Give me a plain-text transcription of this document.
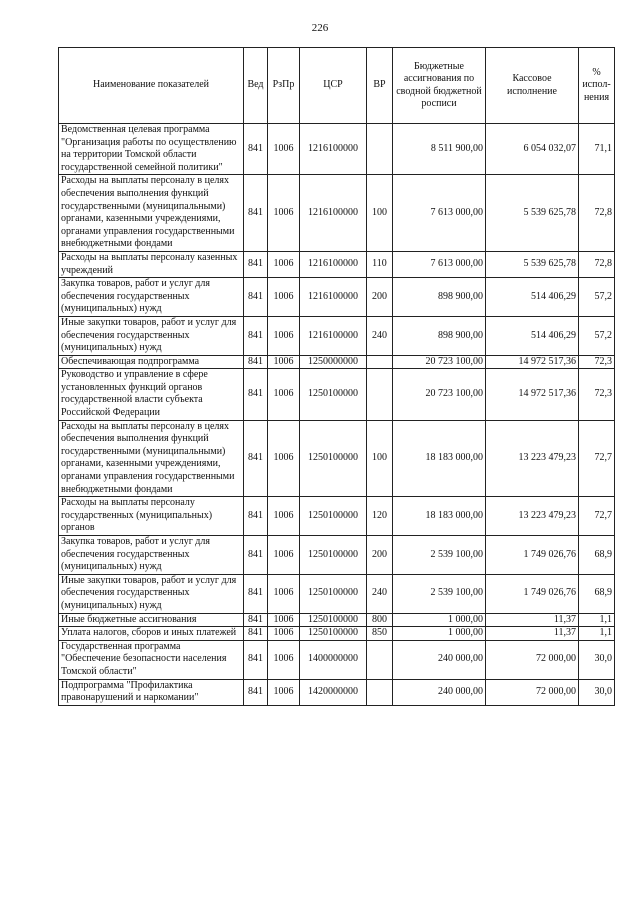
226
Наименование показателей	Вед	РзПр	ЦСР	ВР	Бюджетные ассигнования по сводной бюджетной росписи	Кассовое исполнение	% испол-нения
Ведомственная целевая программа "Организация работы по осуществлению на территории Томской области государственной семейной политики"	841	1006	1216100000		8 511 900,00	6 054 032,07	71,1
Расходы на выплаты персоналу в целях обеспечения выполнения функций государственными (муниципальными) органами, казенными учреждениями, органами управления государственными внебюджетными фондами	841	1006	1216100000	100	7 613 000,00	5 539 625,78	72,8
Расходы на выплаты персоналу казенных учреждений	841	1006	1216100000	110	7 613 000,00	5 539 625,78	72,8
Закупка товаров, работ и услуг для обеспечения государственных (муниципальных) нужд	841	1006	1216100000	200	898 900,00	514 406,29	57,2
Иные закупки товаров, работ и услуг для обеспечения государственных (муниципальных) нужд	841	1006	1216100000	240	898 900,00	514 406,29	57,2
Обеспечивающая подпрограмма	841	1006	1250000000		20 723 100,00	14 972 517,36	72,3
Руководство и управление в сфере установленных функций органов государственной власти субъекта Российской Федерации	841	1006	1250100000		20 723 100,00	14 972 517,36	72,3
Расходы на выплаты персоналу в целях обеспечения выполнения функций государственными (муниципальными) органами, казенными учреждениями, органами управления государственными внебюджетными фондами	841	1006	1250100000	100	18 183 000,00	13 223 479,23	72,7
Расходы на выплаты персоналу государственных (муниципальных) органов	841	1006	1250100000	120	18 183 000,00	13 223 479,23	72,7
Закупка товаров, работ и услуг для обеспечения государственных (муниципальных) нужд	841	1006	1250100000	200	2 539 100,00	1 749 026,76	68,9
Иные закупки товаров, работ и услуг для обеспечения государственных (муниципальных) нужд	841	1006	1250100000	240	2 539 100,00	1 749 026,76	68,9
Иные бюджетные ассигнования	841	1006	1250100000	800	1 000,00	11,37	1,1
Уплата налогов, сборов и иных платежей	841	1006	1250100000	850	1 000,00	11,37	1,1
Государственная программа "Обеспечение безопасности населения Томской области"	841	1006	1400000000		240 000,00	72 000,00	30,0
Подпрограмма "Профилактика правонарушений и наркомании"	841	1006	1420000000		240 000,00	72 000,00	30,0
